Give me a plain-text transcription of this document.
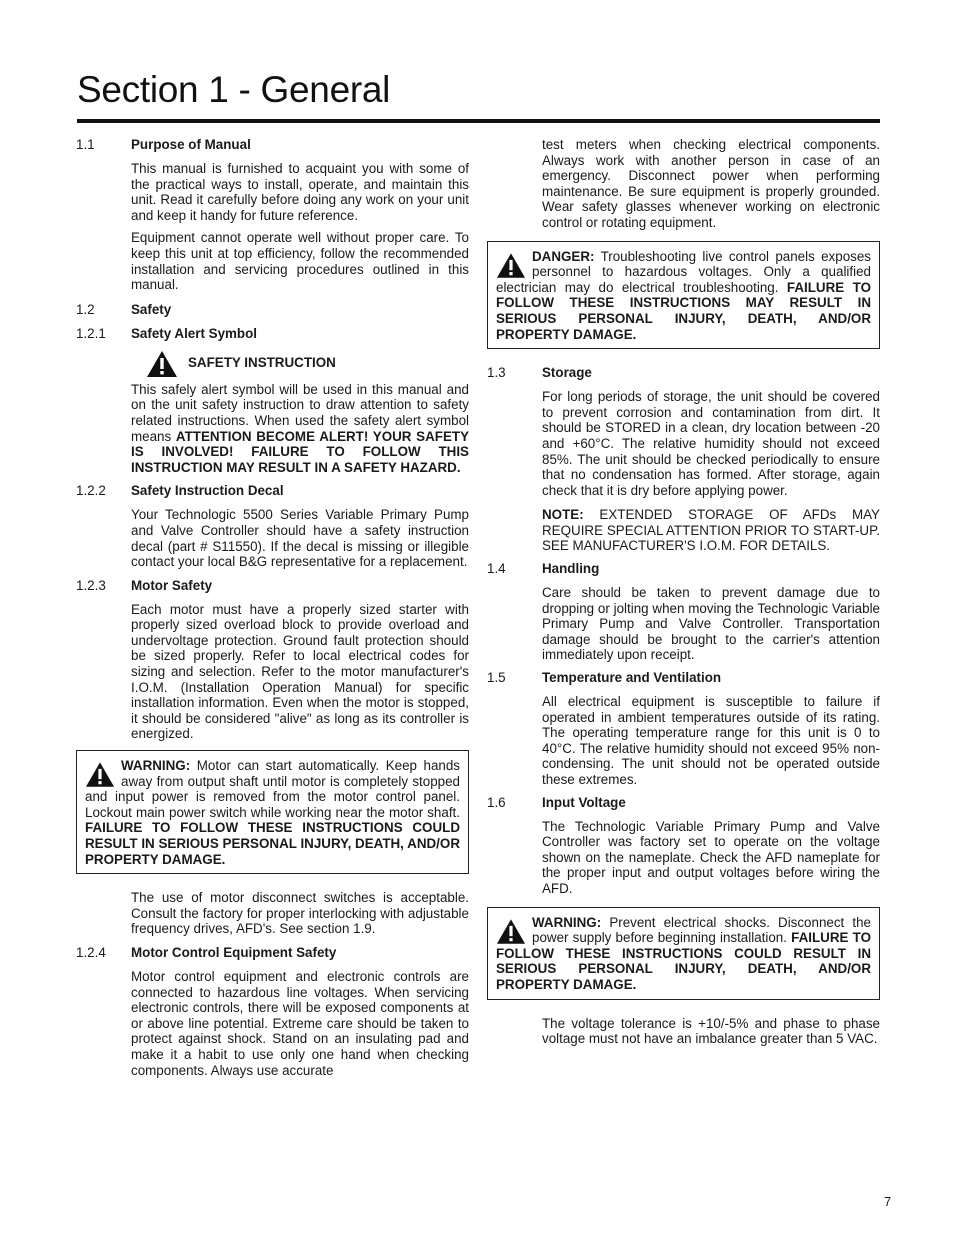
Section 1 - General
1.1	Purpose of Manual

This manual is furnished to acquaint you with some of the practical ways to install, operate, and maintain this unit. Read it carefully before doing any work on your unit and keep it handy for future reference.

Equipment cannot operate well without proper care. To keep this unit at top efficiency, follow the recommended installation and servicing procedures outlined in this manual.

1.2	Safety
1.2.1 Safety Alert Symbol
SAFETY INSTRUCTION

This safely alert symbol will be used in this manual and on the unit safety instruction to draw attention to safety related instructions. When used the safety alert symbol means ATTENTION BECOME ALERT! YOUR SAFETY IS INVOLVED! FAILURE TO FOLLOW THIS INSTRUCTION MAY RESULT IN A SAFETY HAZARD.

1.2.2 Safety Instruction Decal

Your Technologic 5500 Series Variable Primary Pump and Valve Controller should have a safety instruction decal (part # S11550). If the decal is missing or illegible contact your local B&G representative for a replacement.

1.2.3 Motor Safety

Each motor must have a properly sized starter with properly sized overload block to provide overload and undervoltage protection. Ground fault protection should be sized properly. Refer to local electrical codes for sizing and selection. Refer to the motor manufacturer's I.O.M. (Installation Operation Manual) for specific installation information. Even when the motor is stopped, it should be considered "alive" as long as its controller is energized.

WARNING: Motor can start automatically. Keep hands away from output shaft until motor is completely stopped and input power is removed from the motor control panel. Lockout main power switch while working near the motor shaft. FAILURE TO FOLLOW THESE INSTRUCTIONS COULD RESULT IN SERIOUS PERSONAL INJURY, DEATH, AND/OR PROPERTY DAMAGE.

The use of motor disconnect switches is acceptable. Consult the factory for proper interlocking with adjustable frequency drives, AFD's. See section 1.9.

1.2.4 Motor Control Equipment Safety

Motor control equipment and electronic controls are connected to hazardous line voltages. When servicing electronic controls, there will be exposed components at or above line potential. Extreme care should be taken to protect against shock. Stand on an insulating pad and make it a habit to use only one hand when checking components. Always use accurate

test meters when checking electrical components. Always work with another person in case of an emergency. Disconnect power when performing maintenance. Be sure equipment is properly grounded. Wear safety glasses whenever working on electronic control or rotating equipment.

DANGER: Troubleshooting live control panels exposes personnel to hazardous voltages. Only a qualified electrician may do electrical troubleshooting. FAILURE TO FOLLOW THESE INSTRUCTIONS MAY RESULT IN SERIOUS PERSONAL INJURY, DEATH, AND/OR PROPERTY DAMAGE.
1.3	Storage

For long periods of storage, the unit should be covered to prevent corrosion and contamination from dirt. It should be STORED in a clean, dry location between -20 and +60°C. The relative humidity should not exceed 85%. The unit should be checked periodically to ensure that no condensation has formed. After storage, again check that it is dry before applying power.

NOTE: EXTENDED STORAGE OF AFDs MAY REQUIRE SPECIAL ATTENTION PRIOR TO START-UP. SEE MANUFACTURER'S I.O.M. FOR DETAILS.

1.4	Handling

Care should be taken to prevent damage due to dropping or jolting when moving the Technologic Variable Primary Pump and Valve Controller. Transportation damage should be brought to the carrier's attention immediately upon receipt.

1.5	Temperature and Ventilation

All electrical equipment is susceptible to failure if operated in ambient temperatures outside of its rating. The operating temperature range for this unit is 0 to 40°C. The relative humidity should not exceed 95% non-condensing. The unit should not be operated outside these extremes.

1.6	Input Voltage

The Technologic Variable Primary Pump and Valve Controller was factory set to operate on the voltage shown on the nameplate. Check the AFD nameplate for the proper input and output voltages before wiring the AFD.

WARNING: Prevent electrical shocks. Disconnect the power supply before beginning installation. FAILURE TO FOLLOW THESE INSTRUCTIONS COULD RESULT IN SERIOUS PERSONAL INJURY, DEATH, AND/OR PROPERTY DAMAGE.

The voltage tolerance is +10/-5% and phase to phase voltage must not have an imbalance greater than 5 VAC.

7
